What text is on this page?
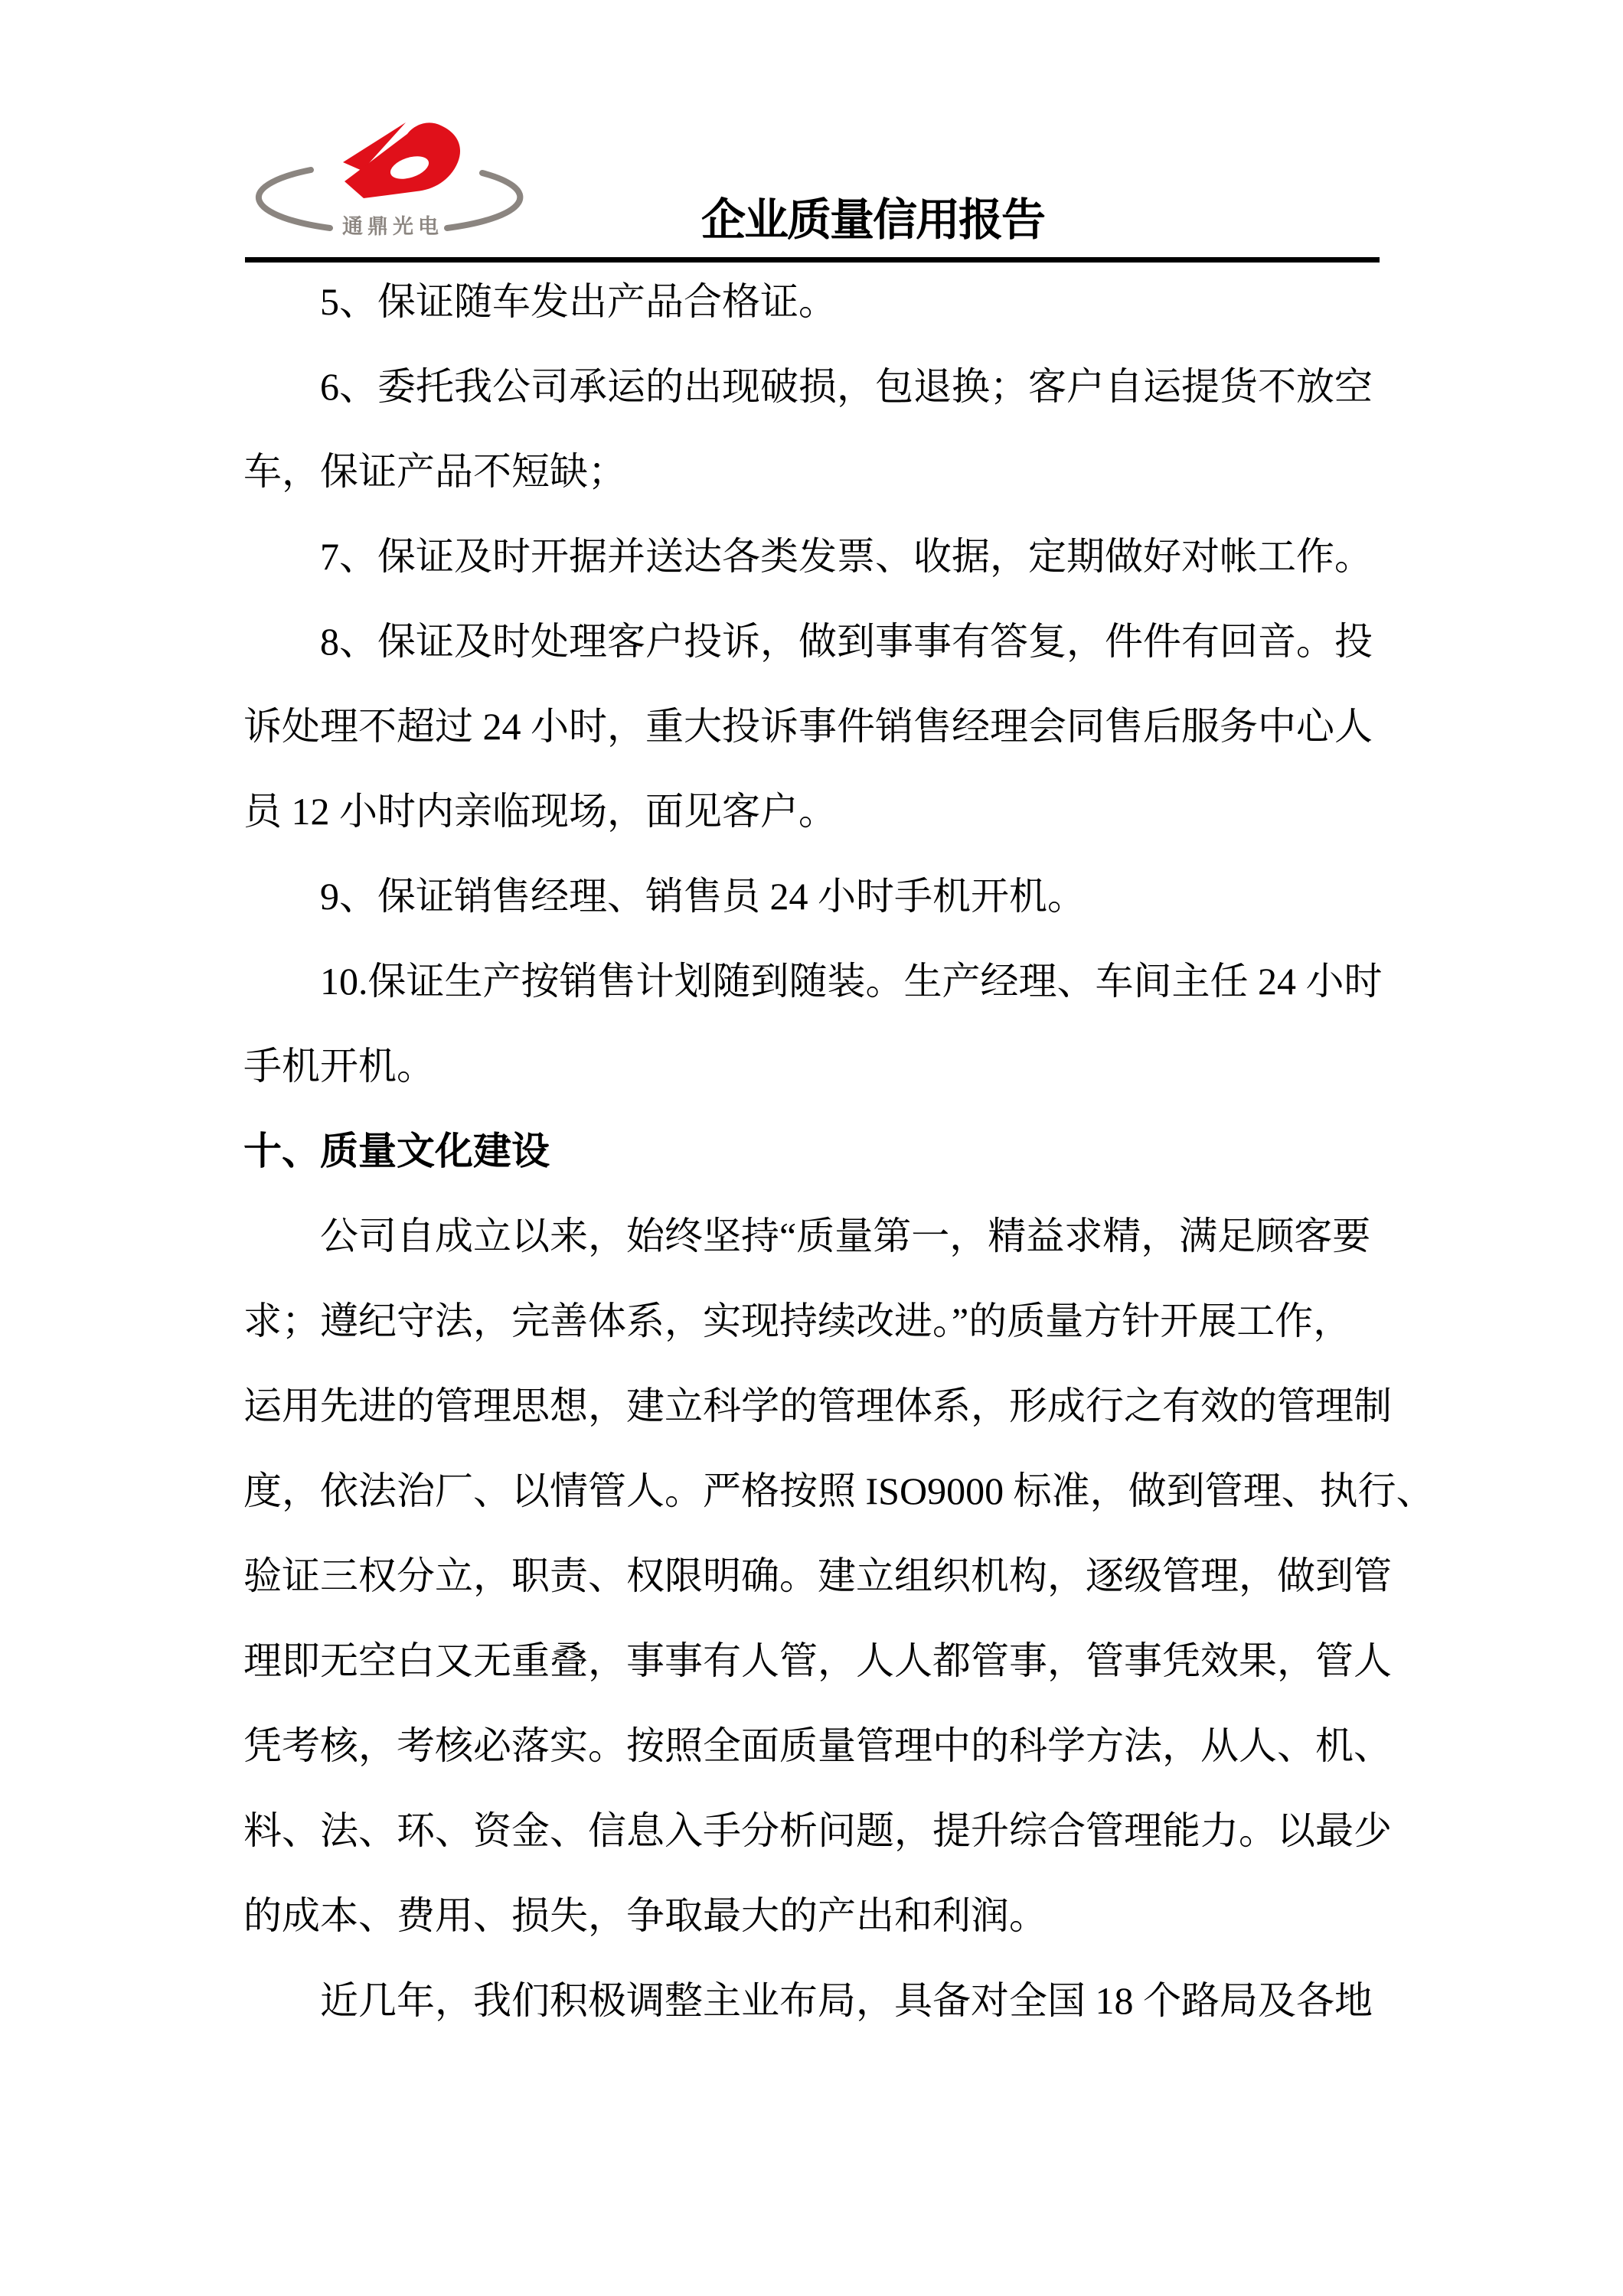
通鼎光电	企业质量信用报告
5、保证随车发出产品合格证。
6、委托我公司承运的出现破损，包退换；客户自运提货不放空
车，保证产品不短缺；
7、保证及时开据并送达各类发票、收据，定期做好对帐工作。
8、保证及时处理客户投诉，做到事事有答复，件件有回音。投
诉处理不超过 24 小时，重大投诉事件销售经理会同售后服务中心人
员 12 小时内亲临现场，面见客户。
9、保证销售经理、销售员 24 小时手机开机。
10.保证生产按销售计划随到随装。生产经理、车间主任 24 小时
手机开机。
十、质量文化建设
公司自成立以来，始终坚持“质量第一，精益求精，满足顾客要
求；遵纪守法，完善体系，实现持续改进。”的质量方针开展工作，
运用先进的管理思想，建立科学的管理体系，形成行之有效的管理制
度，依法治厂、以情管人。严格按照 ISO9000 标准，做到管理、执行、
验证三权分立，职责、权限明确。建立组织机构，逐级管理，做到管
理即无空白又无重叠，事事有人管，人人都管事，管事凭效果，管人
凭考核，考核必落实。按照全面质量管理中的科学方法，从人、机、
料、法、环、资金、信息入手分析问题，提升综合管理能力。以最少
的成本、费用、损失，争取最大的产出和利润。
近几年，我们积极调整主业布局，具备对全国 18 个路局及各地
